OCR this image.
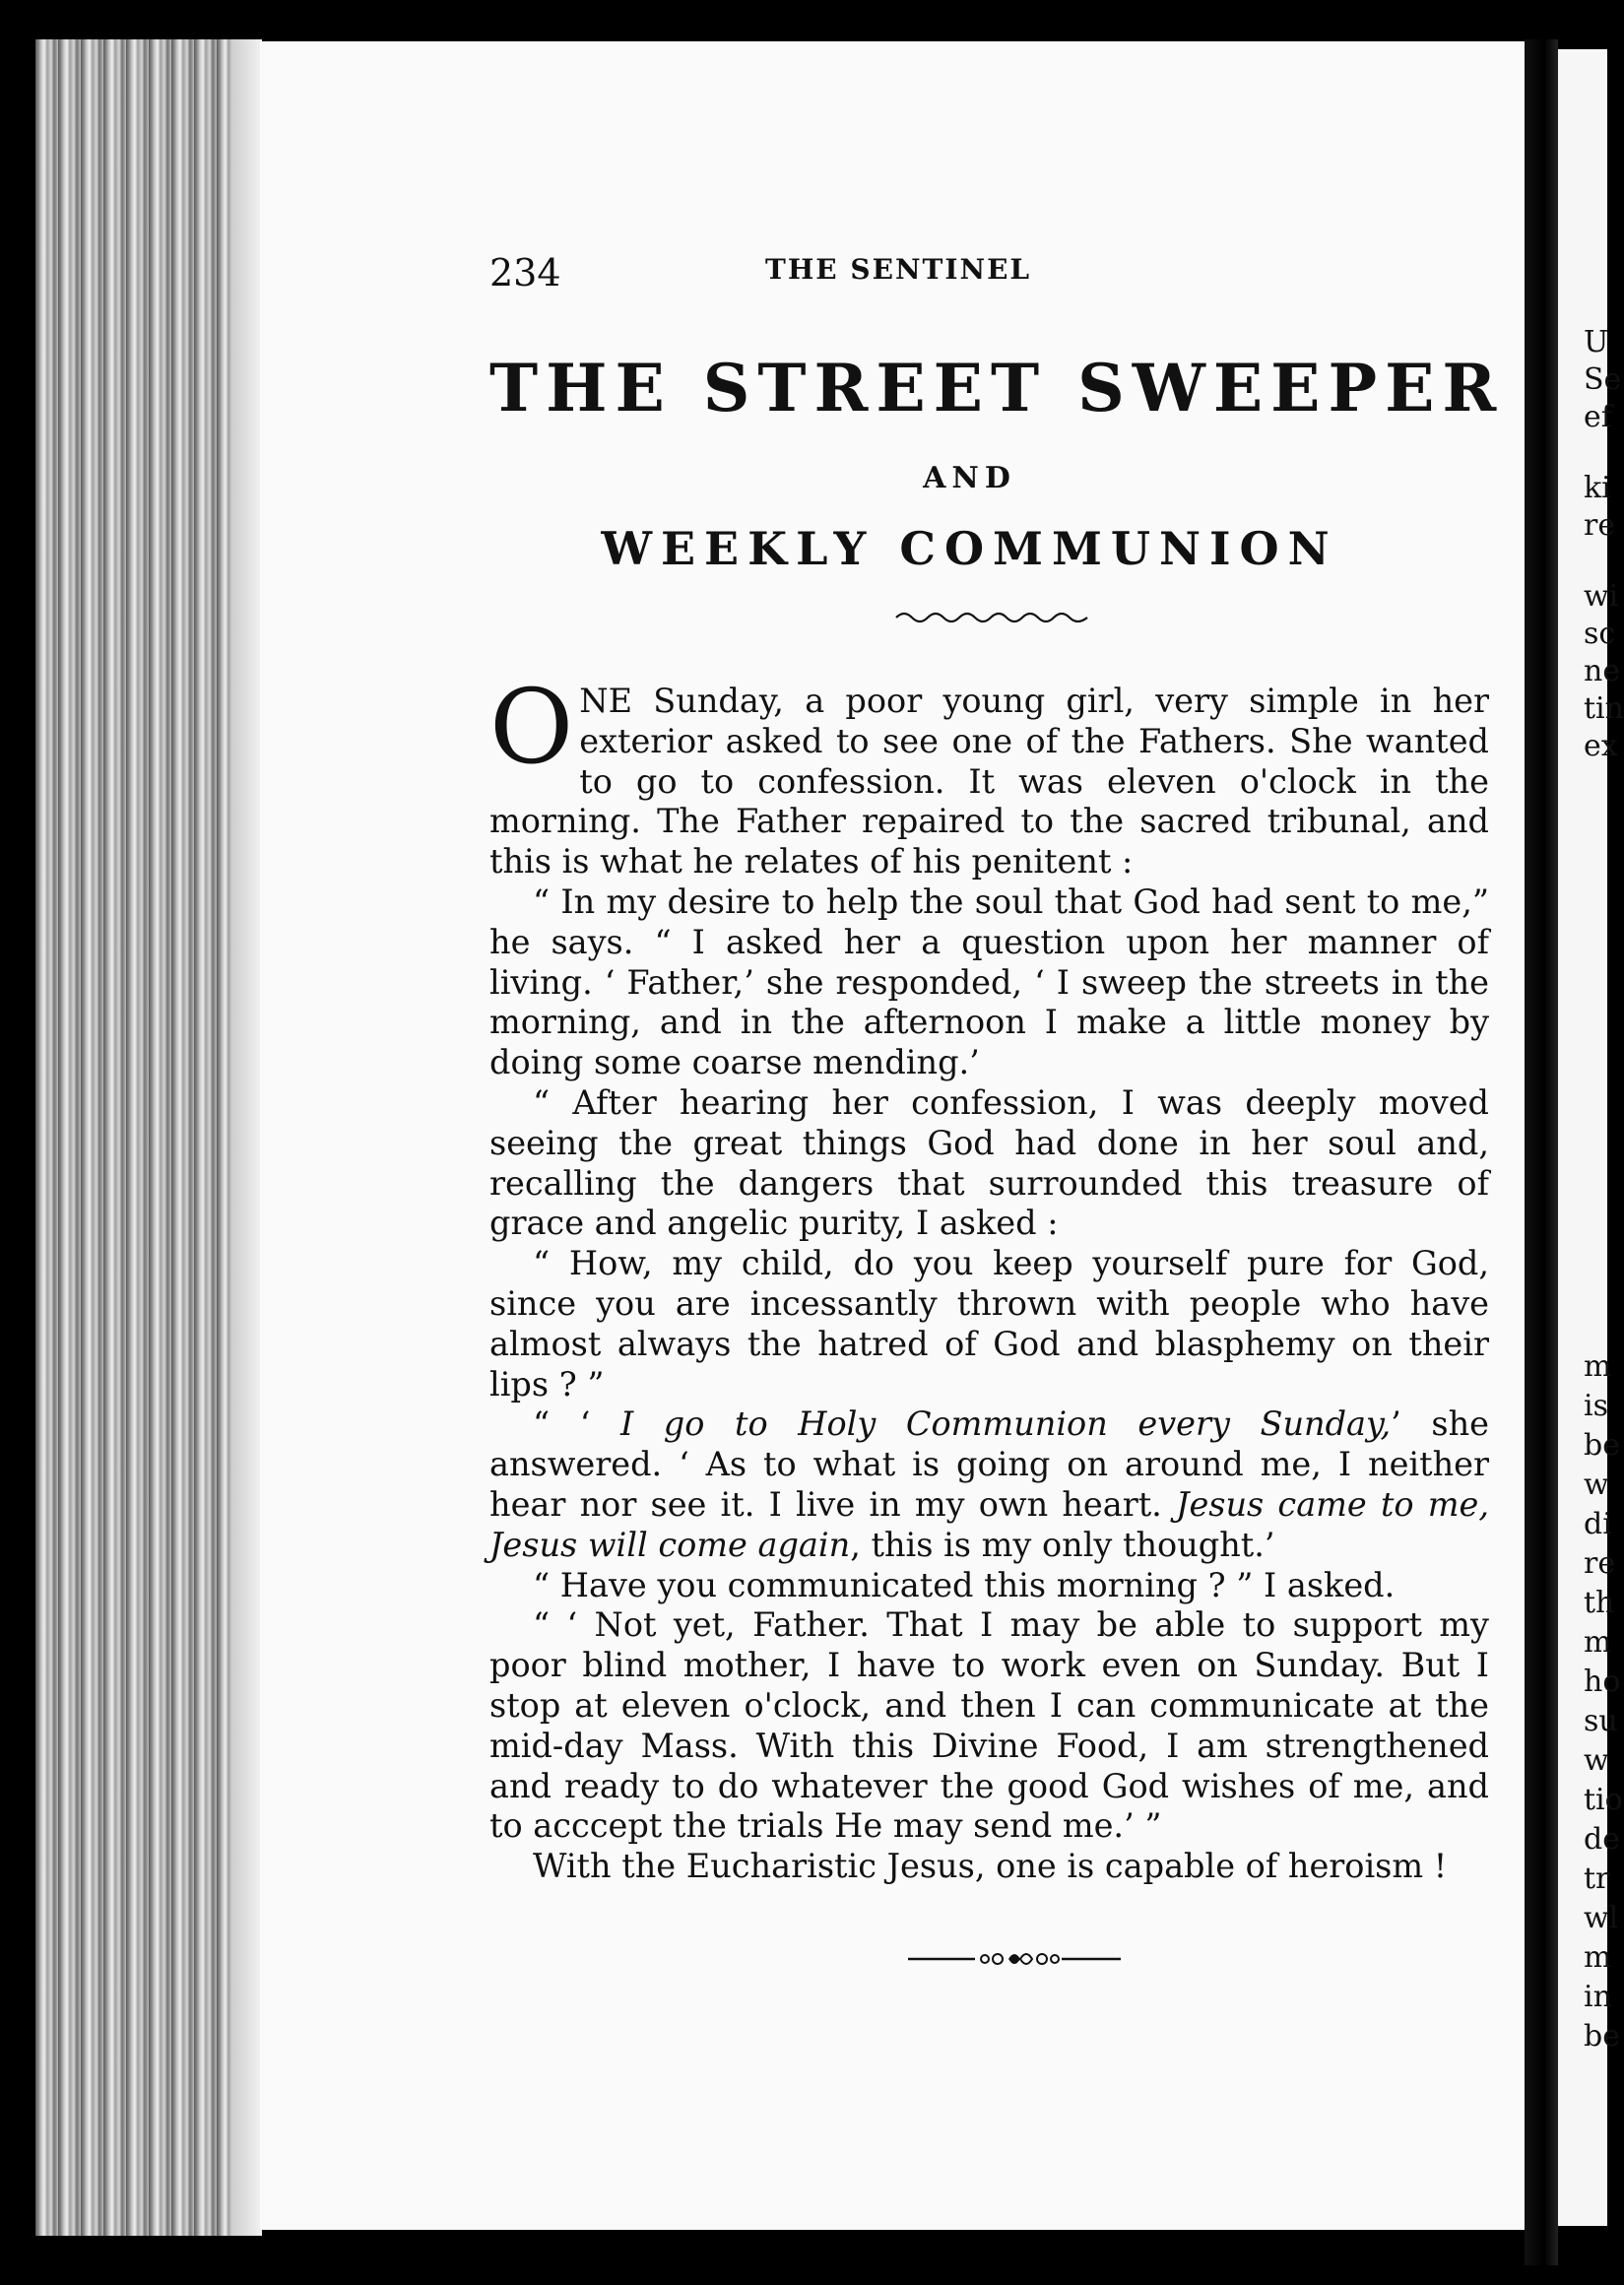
U
Se
ef
ki
re
wi
sc
ne
tin
ex
m
is
be
w
di
re
th
m
ho
su
w
tio
de
tr
wl
m
in
be
234	THE SENTINEL
THE STREET SWEEPER
AND
WEEKLY COMMUNION

ONE Sunday, a poor young girl, very simple in her exterior asked to see one of the Fathers. She wanted to go to confession. It was eleven o'clock in the morning. The Father repaired to the sacred tribunal, and this is what he relates of his penitent :

“ In my desire to help the soul that God had sent to me,” he says. “ I asked her a question upon her manner of living. ‘ Father,’ she responded, ‘ I sweep the streets in the morning, and in the afternoon I make a little money by doing some coarse mending.’

“ After hearing her confession, I was deeply moved seeing the great things God had done in her soul and, recalling the dangers that surrounded this treasure of grace and angelic purity, I asked :

“ How, my child, do you keep yourself pure for God, since you are incessantly thrown with people who have almost always the hatred of God and blasphemy on their lips ? ”

“ ‘ I go to Holy Communion every Sunday,’ she answered. ‘ As to what is going on around me, I neither hear nor see it. I live in my own heart. Jesus came to me, Jesus will come again, this is my only thought.’

“ Have you communicated this morning ? ” I asked.

“ ‘ Not yet, Father. That I may be able to support my poor blind mother, I have to work even on Sunday. But I stop at eleven o'clock, and then I can communicate at the mid-day Mass. With this Divine Food, I am strengthened and ready to do whatever the good God wishes of me, and to acccept the trials He may send me.’ ”

With the Eucharistic Jesus, one is capable of heroism !
